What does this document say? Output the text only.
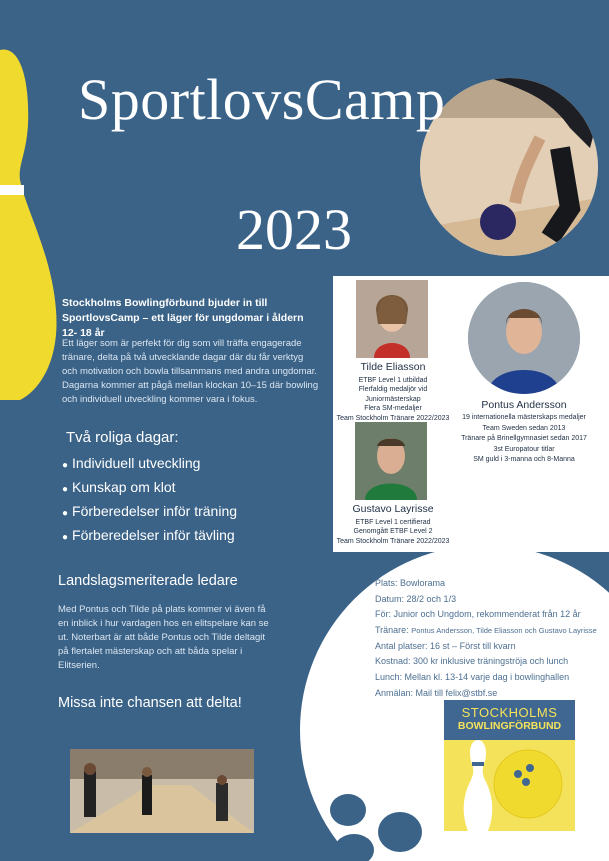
SportlovsCamp
2023
Stockholms Bowlingförbund bjuder in till SportlovsCamp – ett läger för ungdomar i åldern 12- 18 år
Ett läger som är perfekt för dig som vill träffa engagerade tränare, delta på två utvecklande dagar där du får verktyg och motivation och bowla tillsammans med andra ungdomar. Dagarna kommer att pågå mellan klockan 10–15 där bowling och individuell utveckling kommer vara i fokus.
Två roliga dagar:
● Individuell utveckling
● Kunskap om klot
● Förberedelser inför träning
● Förberedelser inför tävling
Tilde Eliasson
ETBF Level 1 utbildad
Flerfaldig medaljör vid
Juniormästerskap
Flera SM-medaljer
Team Stockholm Tränare 2022/2023
Pontus Andersson
19 internationella mästerskaps medaljer
Team Sweden sedan 2013
Tränare på Brinellgymnasiet sedan 2017
3st Europatour titlar
SM guld i 3-manna och 8-Manna
Gustavo Layrisse
ETBF Level 1 certifierad
Genomgått ETBF Level 2
Team Stockholm Tränare 2022/2023
Landslagsmeriterade ledare
Med Pontus och Tilde på plats kommer vi även få en inblick i hur vardagen hos en elitspelare kan se ut. Noterbart är att både Pontus och Tilde deltagit på flertalet mästerskap och att båda spelar i Elitserien.
Missa inte chansen att delta!
Plats: Bowlorama
Datum: 28/2 och 1/3
För: Junior och Ungdom, rekommenderat från 12 år
Tränare: Pontus Andersson, Tilde Eliasson och Gustavo Layrisse
Antal platser: 16 st – Först till kvarn
Kostnad: 300 kr inklusive träningströja och lunch
Lunch: Mellan kl. 13-14 varje dag i bowlinghallen
Anmälan: Mail till felix@stbf.se
STOCKHOLMS
BOWLINGFÖRBUND
